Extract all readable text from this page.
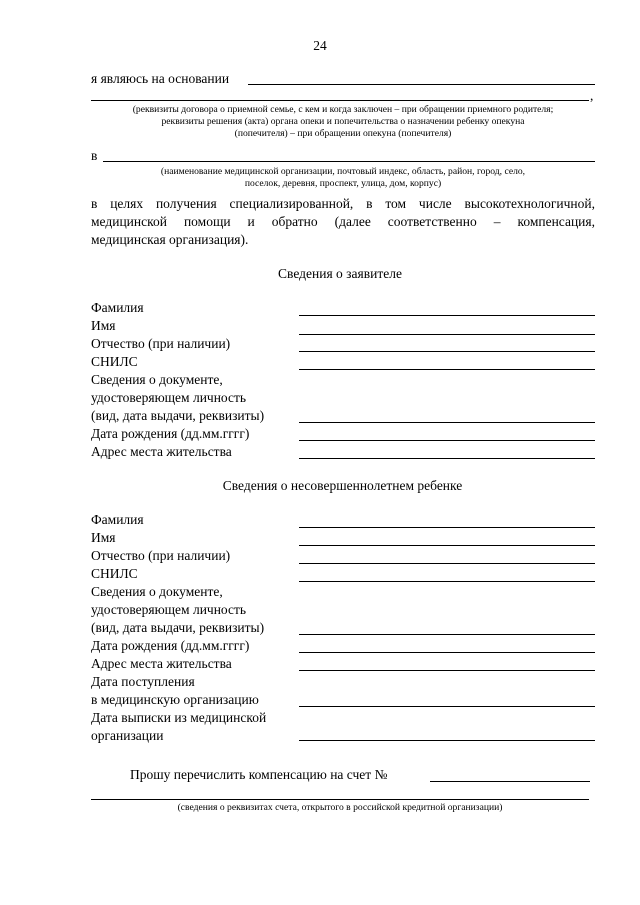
24
я являюсь на основании
,
(реквизиты договора о приемной семье, с кем и когда заключен – при обращении приемного родителя;
реквизиты решения (акта) органа опеки и попечительства о назначении ребенку опекуна
(попечителя) – при обращении опекуна (попечителя)
в
(наименование медицинской организации, почтовый индекс, область, район, город, село,
поселок, деревня, проспект, улица, дом, корпус)
в целях получения специализированной, в том числе высокотехнологичной,
медицинской помощи и обратно (далее соответственно – компенсация,
медицинская организация).
Сведения о заявителе
Фамилия
Имя
Отчество (при наличии)
СНИЛС
Сведения о документе,
удостоверяющем личность
(вид, дата выдачи, реквизиты)
Дата рождения (дд.мм.гггг)
Адрес места жительства
Сведения о несовершеннолетнем ребенке
Фамилия
Имя
Отчество (при наличии)
СНИЛС
Сведения о документе,
удостоверяющем личность
(вид, дата выдачи, реквизиты)
Дата рождения (дд.мм.гггг)
Адрес места жительства
Дата поступления
в медицинскую организацию
Дата выписки из медицинской
организации
Прошу перечислить компенсацию на счет №
(сведения о реквизитах счета, открытого в российской кредитной организации)
